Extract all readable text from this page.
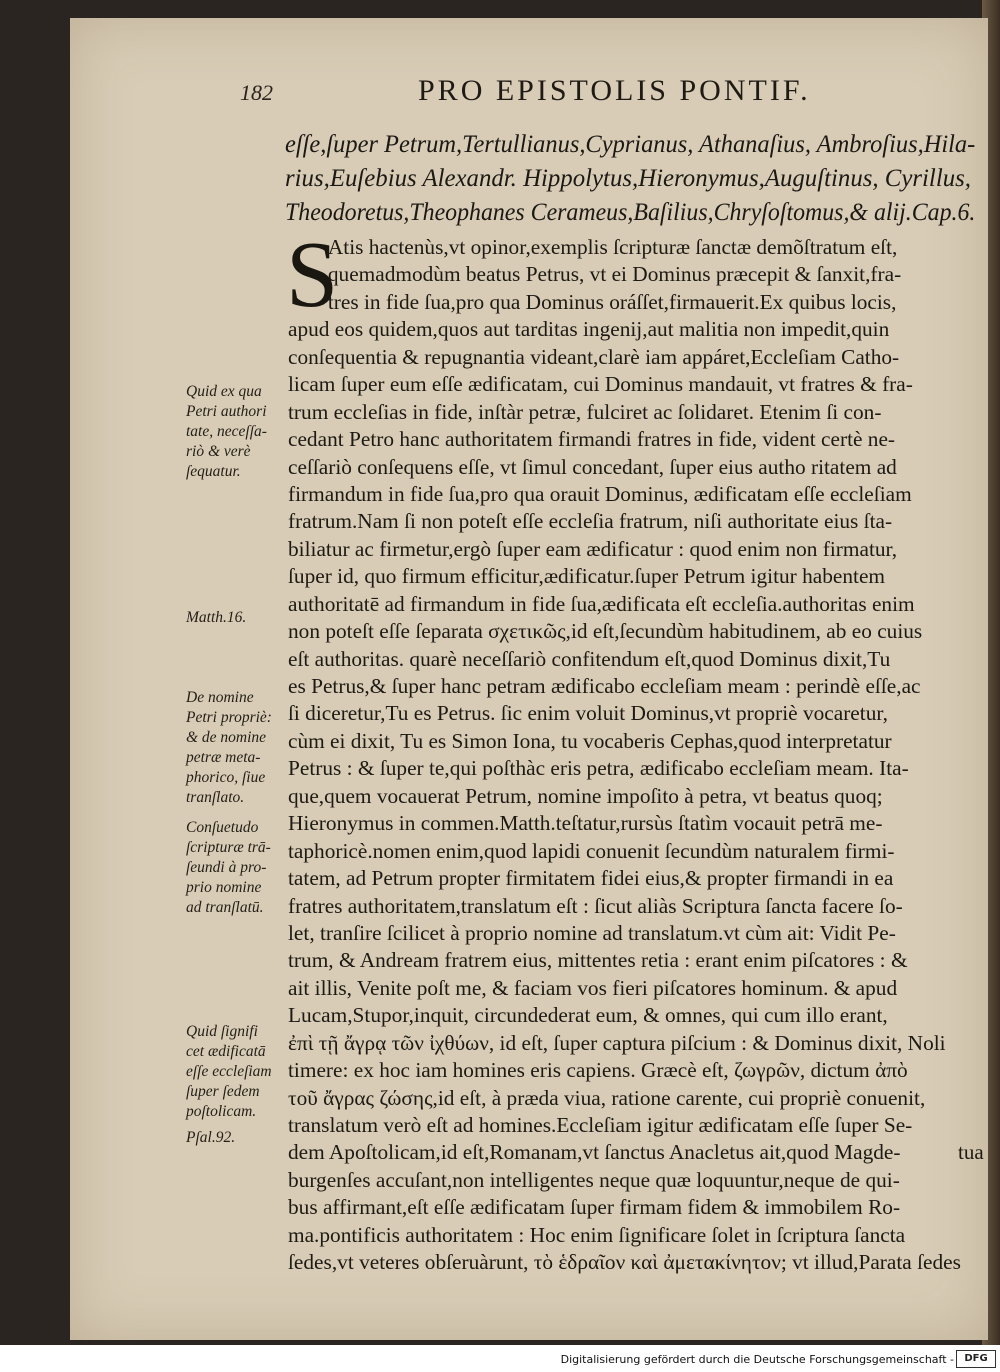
182	PRO EPISTOLIS PONTIF.
eſſe,ſuper Petrum,Tertullianus,Cyprianus, Athanaſius, Ambroſius,Hila-
rius,Euſebius Alexandr. Hippolytus,Hieronymus,Auguſtinus, Cyrillus,
Theodoretus,Theophanes Cerameus,Baſilius,Chryſoſtomus,& alij.Cap.6.
S
Atis hactenùs,vt opinor,exemplis ſcripturæ ſanctæ demõſtratum eſt,
quemadmodùm beatus Petrus, vt ei Dominus præcepit & ſanxit,fra-
tres in fide ſua,pro qua Dominus oráſſet,firmauerit.Ex quibus locis,
apud eos quidem,quos aut tarditas ingenij,aut malitia non impedit,quin
conſequentia & repugnantia videant,clarè iam appáret,Eccleſiam Catho-
licam ſuper eum eſſe ædificatam, cui Dominus mandauit, vt fratres & fra-
trum eccleſias in fide, inſtàr petræ, fulciret ac ſolidaret. Etenim ſi con-
cedant Petro hanc authoritatem firmandi fratres in fide, vident certè ne-
ceſſariò conſequens eſſe, vt ſimul concedant, ſuper eius autho ritatem ad
firmandum in fide ſua,pro qua orauit Dominus, ædificatam eſſe eccleſiam
fratrum.Nam ſi non poteſt eſſe eccleſia fratrum, niſi authoritate eius ſta-
biliatur ac firmetur,ergò ſuper eam ædificatur : quod enim non firmatur,
ſuper id, quo firmum efficitur,ædificatur.ſuper Petrum igitur habentem
authoritatē ad firmandum in fide ſua,ædificata eſt eccleſia.authoritas enim
non poteſt eſſe ſeparata σχετικῶς,id eſt,ſecundùm habitudinem, ab eo cuius
eſt authoritas. quarè neceſſariò confitendum eſt,quod Dominus dixit,Tu
es Petrus,& ſuper hanc petram ædificabo eccleſiam meam : perindè eſſe,ac
ſi diceretur,Tu es Petrus. ſic enim voluit Dominus,vt propriè vocaretur,
cùm ei dixit, Tu es Simon Iona, tu vocaberis Cephas,quod interpretatur
Petrus : & ſuper te,qui poſthàc eris petra, ædificabo eccleſiam meam. Ita-
que,quem vocauerat Petrum, nomine impoſito à petra, vt beatus quoq;
Hieronymus in commen.Matth.teſtatur,rursùs ſtatìm vocauit petrā me-
taphoricè.nomen enim,quod lapidi conuenit ſecundùm naturalem firmi-
tatem, ad Petrum propter firmitatem fidei eius,& propter firmandi in ea
fratres authoritatem,translatum eſt : ſicut aliàs Scriptura ſancta facere ſo-
let, tranſire ſcilicet à proprio nomine ad translatum.vt cùm ait: Vidit Pe-
trum, & Andream fratrem eius, mittentes retia : erant enim piſcatores : &
ait illis, Venite poſt me, & faciam vos fieri piſcatores hominum. & apud
Lucam,Stupor,inquit, circundederat eum, & omnes, qui cum illo erant,
ἐπὶ τῇ ἄγρᾳ τῶν ἰχθύων, id eſt, ſuper captura piſcium : & Dominus dixit, Noli
timere: ex hoc iam homines eris capiens. Græcè eſt, ζωγρῶν, dictum ἀπὸ
τοῦ ἄγρας ζώσης,id eſt, à præda viua, ratione carente, cui propriè conuenit,
translatum verò eſt ad homines.Eccleſiam igitur ædificatam eſſe ſuper Se-
dem Apoſtolicam,id eſt,Romanam,vt ſanctus Anacletus ait,quod Magde-
burgenſes accuſant,non intelligentes neque quæ loquuntur,neque de qui-
bus affirmant,eſt eſſe ædificatam ſuper firmam fidem & immobilem Ro-
ma.pontificis authoritatem : Hoc enim ſignificare ſolet in ſcriptura ſancta
ſedes,vt veteres obſeruàrunt, τὸ ἑδραῖον καὶ ἀμετακίνητον; vt illud,Parata ſedes
Quid ex qua
Petri authori
tate, neceſſa-
riò & verè
ſequatur.
Matth.16.
De nomine
Petri propriè:
& de nomine
petræ meta-
phorico, ſiue
tranſlato.
Conſuetudo
ſcripturæ trā-
ſeundi à pro-
prio nomine
ad tranſlatū.
Quid ſignifi
cet ædificatā
eſſe eccleſiam
ſuper ſedem
poſtolicam.
Pſal.92.
tua
Digitalisierung gefördert durch die Deutsche Forschungsgemeinschaft -	DFG
